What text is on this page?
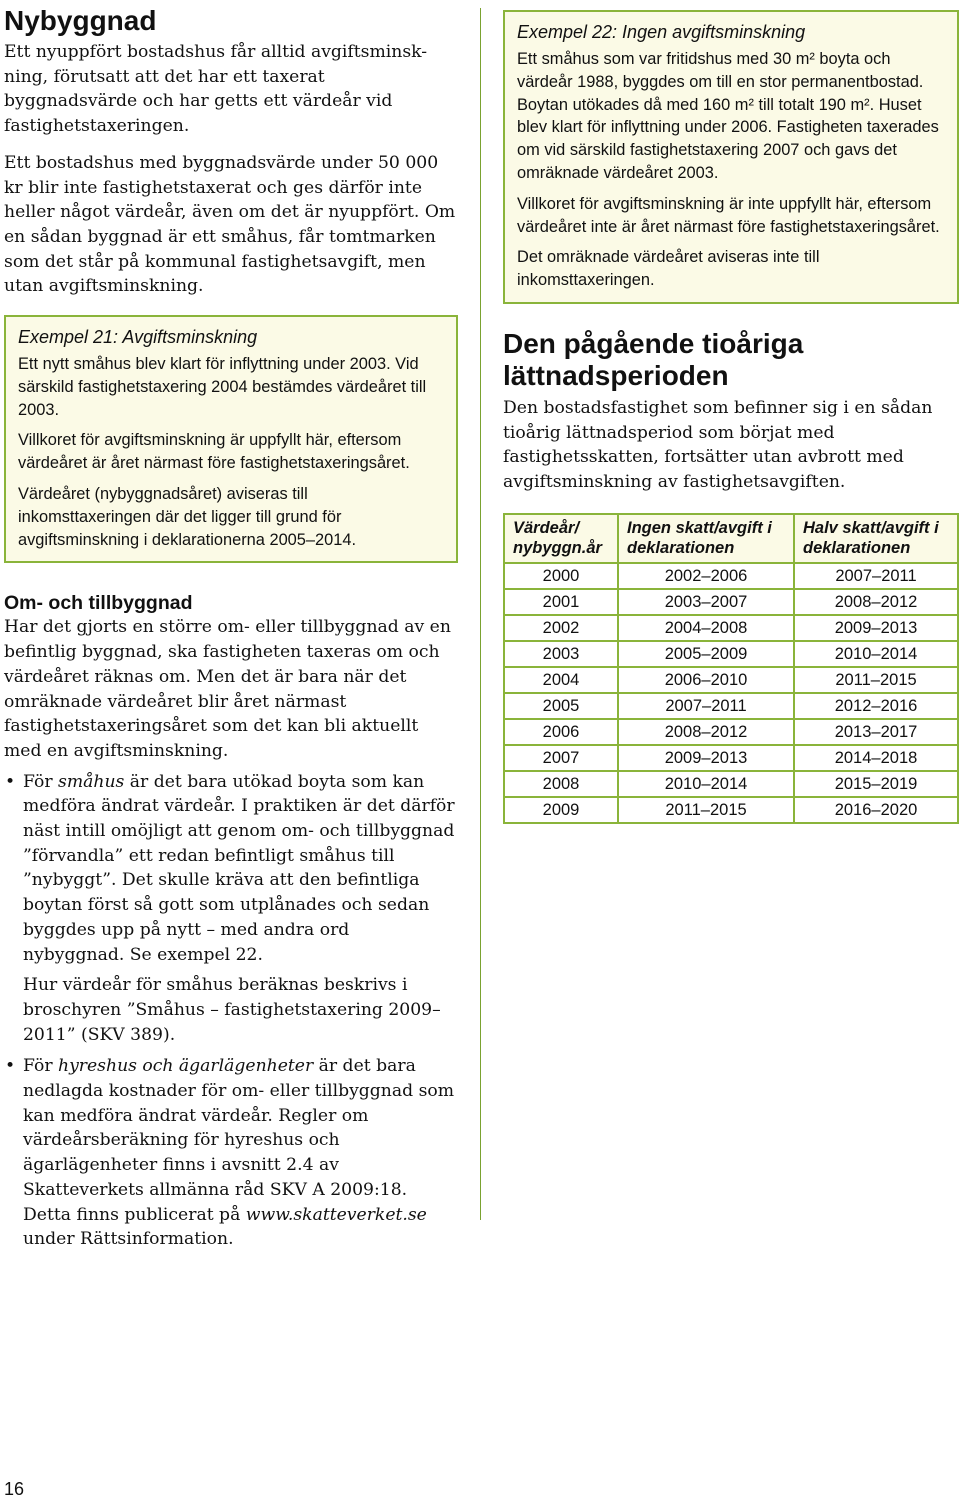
Nybyggnad

Ett nyuppfört bostadshus får alltid avgiftsminsk-ning, förutsatt att det har ett taxerat byggnadsvärde och har getts ett värdeår vid fastighetstaxeringen.

Ett bostadshus med byggnadsvärde under 50 000 kr blir inte fastighetstaxerat och ges därför inte heller något värdeår, även om det är nyuppfört. Om en sådan byggnad är ett småhus, får tomtmarken som det står på kommunal fastighetsavgift, men utan avgiftsminskning.

Exempel 21: Avgiftsminskning

Ett nytt småhus blev klart för inflyttning under 2003. Vid särskild fastighetstaxering 2004 bestämdes värdeåret till 2003.

Villkoret för avgiftsminskning är uppfyllt här, eftersom värdeåret är året närmast före fastighetstaxeringsåret.

Värdeåret (nybyggnadsåret) aviseras till inkomsttaxeringen där det ligger till grund för avgiftsminskning i deklarationerna 2005–2014.

Om- och tillbyggnad

Har det gjorts en större om- eller tillbyggnad av en befintlig byggnad, ska fastigheten taxeras om och värdeåret räknas om. Men det är bara när det omräknade värdeåret blir året närmast fastighetstaxeringsåret som det kan bli aktuellt med en avgiftsminskning.

• För småhus är det bara utökad boyta som kan medföra ändrat värdeår. I praktiken är det därför näst intill omöjligt att genom om- och tillbyggnad ”förvandla” ett redan befintligt småhus till ”nybyggt”. Det skulle kräva att den befintliga boytan först så gott som utplånades och sedan byggdes upp på nytt – med andra ord nybyggnad. Se exempel 22.

Hur värdeår för småhus beräknas beskrivs i broschyren ”Småhus – fastighetstaxering 2009–2011” (SKV 389).

• För hyreshus och ägarlägenheter är det bara nedlagda kostnader för om- eller tillbyggnad som kan medföra ändrat värdeår. Regler om värdeårsberäkning för hyreshus och ägarlägenheter finns i avsnitt 2.4 av Skatteverkets allmänna råd SKV A 2009:18. Detta finns publicerat på www.skatteverket.se under Rättsinformation.

Exempel 22: Ingen avgiftsminskning

Ett småhus som var fritidshus med 30 m² boyta och värdeår 1988, byggdes om till en stor permanentbostad. Boytan utökades då med 160 m² till totalt 190 m². Huset blev klart för inflyttning under 2006. Fastigheten taxerades om vid särskild fastighetstaxering 2007 och gavs det omräknade värdeåret 2003.

Villkoret för avgiftsminskning är inte uppfyllt här, eftersom värdeåret inte är året närmast före fastighetstaxeringsåret.

Det omräknade värdeåret aviseras inte till inkomsttaxeringen.

Den pågående tioåriga lättnadsperioden

Den bostadsfastighet som befinner sig i en sådan tioårig lättnadsperiod som börjat med fastighetsskatten, fortsätter utan avbrott med avgiftsminskning av fastighetsavgiften.

Värdeår/ nybyggn.år	Ingen skatt/avgift i deklarationen	Halv skatt/avgift i deklarationen
2000	2002–2006	2007–2011
2001	2003–2007	2008–2012
2002	2004–2008	2009–2013
2003	2005–2009	2010–2014
2004	2006–2010	2011–2015
2005	2007–2011	2012–2016
2006	2008–2012	2013–2017
2007	2009–2013	2014–2018
2008	2010–2014	2015–2019
2009	2011–2015	2016–2020
16
